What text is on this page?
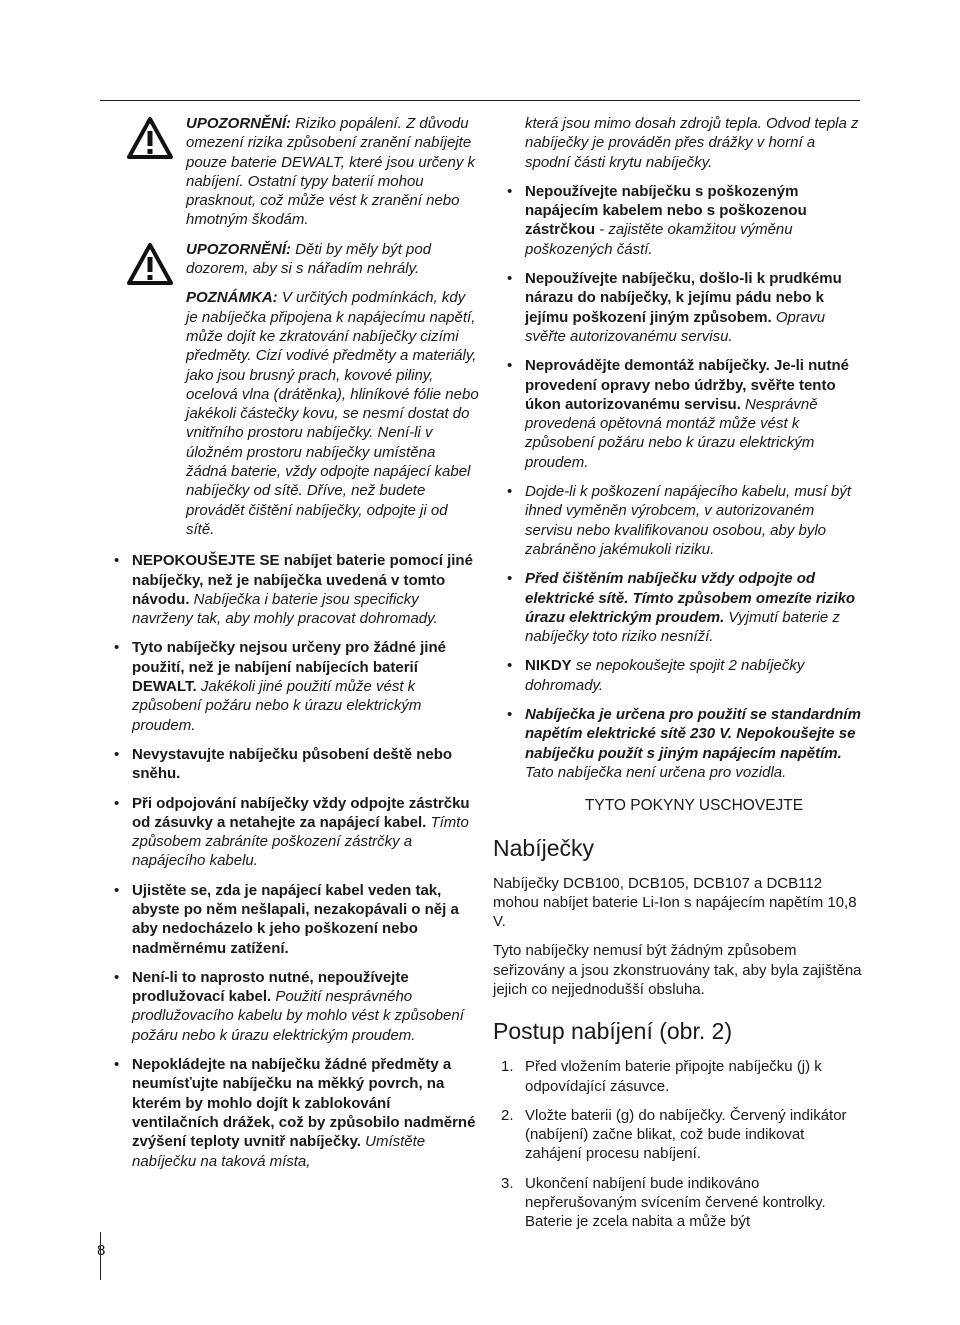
8
UPOZORNĚNÍ: Riziko popálení. Z důvodu omezení rizika způsobení zranění nabíjejte pouze baterie DEWALT, které jsou určeny k nabíjení. Ostatní typy baterií mohou prasknout, což může vést k zranění nebo hmotným škodám.
UPOZORNĚNÍ: Děti by měly být pod dozorem, aby si s nářadím nehrály.
POZNÁMKA: V určitých podmínkách, kdy je nabíječka připojena k napájecímu napětí, může dojít ke zkratování nabíječky cizími předměty. Cizí vodivé předměty a materiály, jako jsou brusný prach, kovové piliny, ocelová vlna (drátěnka), hliníkové fólie nebo jakékoli částečky kovu, se nesmí dostat do vnitřního prostoru nabíječky. Není-li v úložném prostoru nabíječky umístěna žádná baterie, vždy odpojte napájecí kabel nabíječky od sítě. Dříve, než budete provádět čištění nabíječky, odpojte ji od sítě.
• NEPOKOUŠEJTE SE nabíjet baterie pomocí jiné nabíječky, než je nabíječka uvedená v tomto návodu. Nabíječka i baterie jsou specificky navrženy tak, aby mohly pracovat dohromady.
• Tyto nabíječky nejsou určeny pro žádné jiné použití, než je nabíjení nabíjecích baterií DEWALT. Jakékoli jiné použití může vést k způsobení požáru nebo k úrazu elektrickým proudem.
• Nevystavujte nabíječku působení deště nebo sněhu.
• Při odpojování nabíječky vždy odpojte zástrčku od zásuvky a netahejte za napájecí kabel. Tímto způsobem zabráníte poškození zástrčky a napájecího kabelu.
• Ujistěte se, zda je napájecí kabel veden tak, abyste po něm nešlapali, nezakopávali o něj a aby nedocházelo k jeho poškození nebo nadměrnému zatížení.
• Není-li to naprosto nutné, nepoužívejte prodlužovací kabel. Použití nesprávného prodlužovacího kabelu by mohlo vést k způsobení požáru nebo k úrazu elektrickým proudem.
• Nepokládejte na nabíječku žádné předměty a neumísťujte nabíječku na měkký povrch, na kterém by mohlo dojít k zablokování ventilačních drážek, což by způsobilo nadměrné zvýšení teploty uvnitř nabíječky. Umístěte nabíječku na taková místa,
která jsou mimo dosah zdrojů tepla. Odvod tepla z nabíječky je prováděn přes drážky v horní a spodní části krytu nabíječky.
• Nepoužívejte nabíječku s poškozeným napájecím kabelem nebo s poškozenou zástrčkou - zajistěte okamžitou výměnu poškozených částí.
• Nepoužívejte nabíječku, došlo-li k prudkému nárazu do nabíječky, k jejímu pádu nebo k jejímu poškození jiným způsobem. Opravu svěřte autorizovanému servisu.
• Neprovádějte demontáž nabíječky. Je-li nutné provedení opravy nebo údržby, svěřte tento úkon autorizovanému servisu. Nesprávně provedená opětovná montáž může vést k způsobení požáru nebo k úrazu elektrickým proudem.
• Dojde-li k poškození napájecího kabelu, musí být ihned vyměněn výrobcem, v autorizovaném servisu nebo kvalifikovanou osobou, aby bylo zabráněno jakémukoli riziku.
• Před čištěním nabíječku vždy odpojte od elektrické sítě. Tímto způsobem omezíte riziko úrazu elektrickým proudem. Vyjmutí baterie z nabíječky toto riziko nesníží.
• NIKDY se nepokoušejte spojit 2 nabíječky dohromady.
• Nabíječka je určena pro použití se standardním napětím elektrické sítě 230 V. Nepokoušejte se nabíječku použít s jiným napájecím napětím. Tato nabíječka není určena pro vozidla.
TYTO POKYNY USCHOVEJTE
Nabíječky
Nabíječky DCB100, DCB105, DCB107 a DCB112 mohou nabíjet baterie Li-Ion s napájecím napětím 10,8 V.
Tyto nabíječky nemusí být žádným způsobem seřizovány a jsou zkonstruovány tak, aby byla zajištěna jejich co nejjednodušší obsluha.
Postup nabíjení (obr. 2)
1. Před vložením baterie připojte nabíječku (j) k odpovídající zásuvce.
2. Vložte baterii (g) do nabíječky. Červený indikátor (nabíjení) začne blikat, což bude indikovat zahájení procesu nabíjení.
3. Ukončení nabíjení bude indikováno nepřerušovaným svícením červené kontrolky. Baterie je zcela nabita a může být
